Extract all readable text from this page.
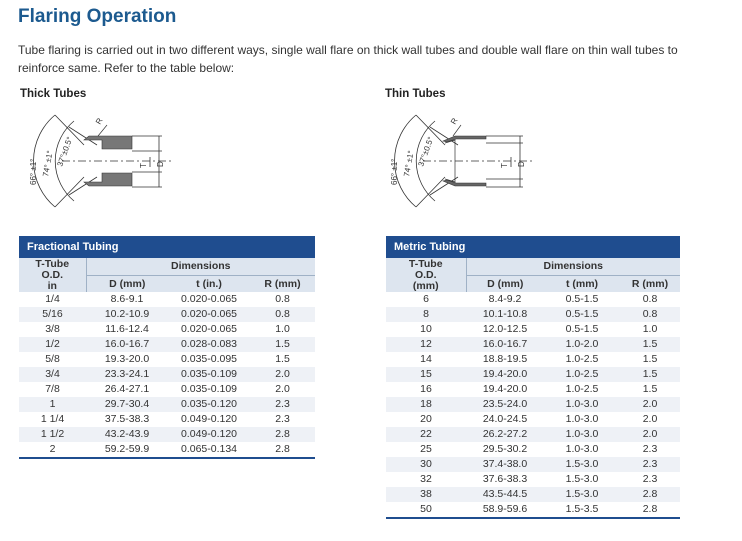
Flaring Operation
Tube flaring is carried out in two different ways, single wall flare on thick wall tubes and double wall flare on thin wall tubes to reinforce same. Refer to the table below:
Thick Tubes	Thin Tubes
66° ±1° 74° ±1° 37°±0.5°
R
T D	66° ±1° 74° ±1° 37°±0.5°
R
T D
Fractional Tubing			
T-Tube
O.D.
in	Dimensions		
	D (mm)	t (in.)	R (mm)
1/4	8.6-9.1	0.020-0.065	0.8
5/16	10.2-10.9	0.020-0.065	0.8
3/8	11.6-12.4	0.020-0.065	1.0
1/2	16.0-16.7	0.028-0.083	1.5
5/8	19.3-20.0	0.035-0.095	1.5
3/4	23.3-24.1	0.035-0.109	2.0
7/8	26.4-27.1	0.035-0.109	2.0
1	29.7-30.4	0.035-0.120	2.3
1 1/4	37.5-38.3	0.049-0.120	2.3
1 1/2	43.2-43.9	0.049-0.120	2.8
2	59.2-59.9	0.065-0.134	2.8
Metric Tubing			
T-Tube
O.D.
(mm)	Dimensions		
	D (mm)	t (mm)	R (mm)
6	8.4-9.2	0.5-1.5	0.8
8	10.1-10.8	0.5-1.5	0.8
10	12.0-12.5	0.5-1.5	1.0
12	16.0-16.7	1.0-2.0	1.5
14	18.8-19.5	1.0-2.5	1.5
15	19.4-20.0	1.0-2.5	1.5
16	19.4-20.0	1.0-2.5	1.5
18	23.5-24.0	1.0-3.0	2.0
20	24.0-24.5	1.0-3.0	2.0
22	26.2-27.2	1.0-3.0	2.0
25	29.5-30.2	1.0-3.0	2.3
30	37.4-38.0	1.5-3.0	2.3
32	37.6-38.3	1.5-3.0	2.3
38	43.5-44.5	1.5-3.0	2.8
50	58.9-59.6	1.5-3.5	2.8
